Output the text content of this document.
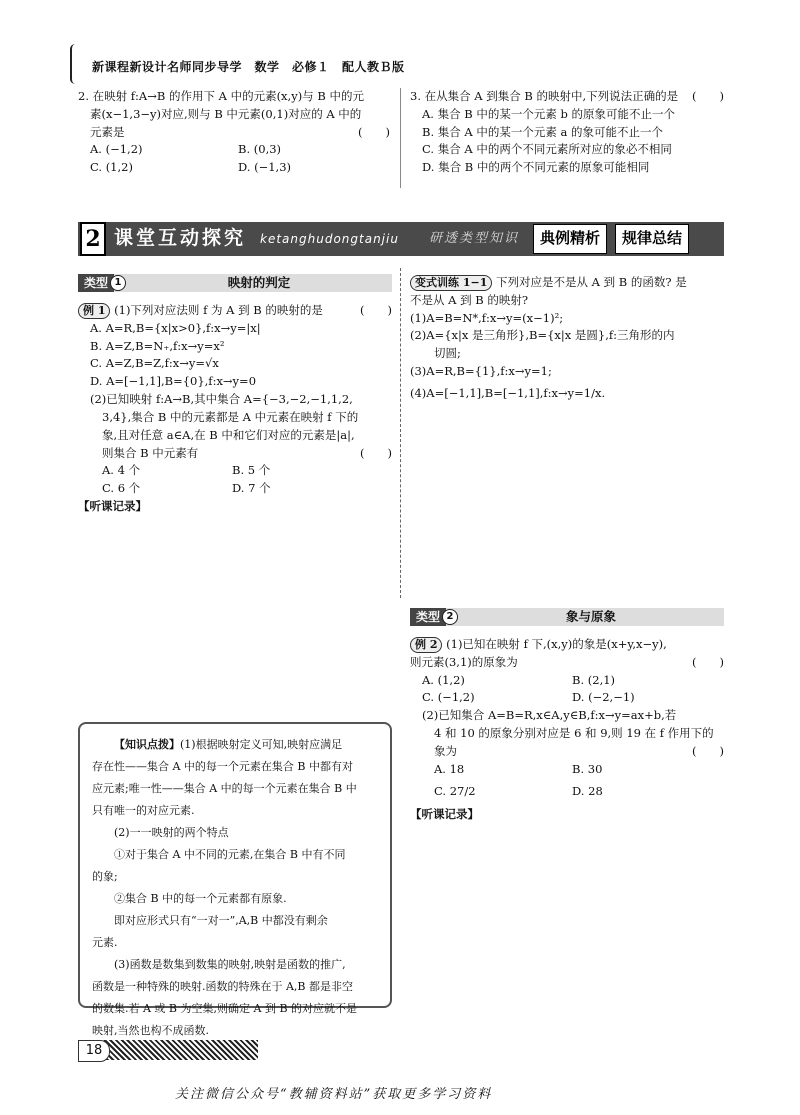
新课程新设计名师同步导学　数学　必修１　配人教Ｂ版
2. 在映射 f:A→B 的作用下 A 中的元素(x,y)与 B 中的元
素(x−1,3−y)对应,则与 B 中元素(0,1)对应的 A 中的
元素是	(　　)
A. (−1,2)	B. (0,3)
C. (1,2)	D. (−1,3)
3. 在从集合 A 到集合 B 的映射中,下列说法正确的是 (　　)
A. 集合 B 中的某一个元素 b 的原象可能不止一个
B. 集合 A 中的某一个元素 a 的象可能不止一个
C. 集合 A 中的两个不同元素所对应的象必不相同
D. 集合 B 中的两个不同元素的原象可能相同
2 课堂互动探究 ketanghudongtanjiu 研透类型知识	典例精析	规律总结
类型 1	映射的判定
例 1 (1)下列对应法则 f 为 A 到 B 的映射的是	(　　)
A. A=R,B={x|x>0},f:x→y=|x|
B. A=Z,B=N₊,f:x→y=x²
C. A=Z,B=Z,f:x→y=√x
D. A=[−1,1],B={0},f:x→y=0
(2)已知映射 f:A→B,其中集合 A={−3,−2,−1,1,2,
3,4},集合 B 中的元素都是 A 中元素在映射 f 下的
象,且对任意 a∈A,在 B 中和它们对应的元素是|a|,
则集合 B 中元素有	(　　)
A. 4 个	B. 5 个
C. 6 个	D. 7 个
【听课记录】
变式训练 1−1 下列对应是不是从 A 到 B 的函数? 是
不是从 A 到 B 的映射?
(1)A=B=N*,f:x→y=(x−1)²;
(2)A={x|x 是三角形},B={x|x 是圆},f:三角形的内
切圆;
(3)A=R,B={1},f:x→y=1;
(4)A=[−1,1],B=[−1,1],f:x→y=1/x.
类型 2	象与原象
例 2 (1)已知在映射 f 下,(x,y)的象是(x+y,x−y),
则元素(3,1)的原象为	(　　)
A. (1,2)	B. (2,1)
C. (−1,2)	D. (−2,−1)
(2)已知集合 A=B=R,x∈A,y∈B,f:x→y=ax+b,若
4 和 10 的原象分别对应是 6 和 9,则 19 在 f 作用下的
象为	(　　)
A. 18	B. 30
C. 27/2	D. 28
【听课记录】
【知识点拨】(1)根据映射定义可知,映射应满足
存在性——集合 A 中的每一个元素在集合 B 中都有对
应元素;唯一性——集合 A 中的每一个元素在集合 B 中
只有唯一的对应元素.
(2)一一映射的两个特点
①对于集合 A 中不同的元素,在集合 B 中有不同
的象;
②集合 B 中的每一个元素都有原象.
即对应形式只有“一对一”,A,B 中都没有剩余
元素.
(3)函数是数集到数集的映射,映射是函数的推广,
函数是一种特殊的映射.函数的特殊在于 A,B 都是非空
的数集.若 A 或 B 为空集,则确定 A 到 B 的对应就不是
映射,当然也构不成函数.
18
关注微信公众号“教辅资料站”获取更多学习资料
